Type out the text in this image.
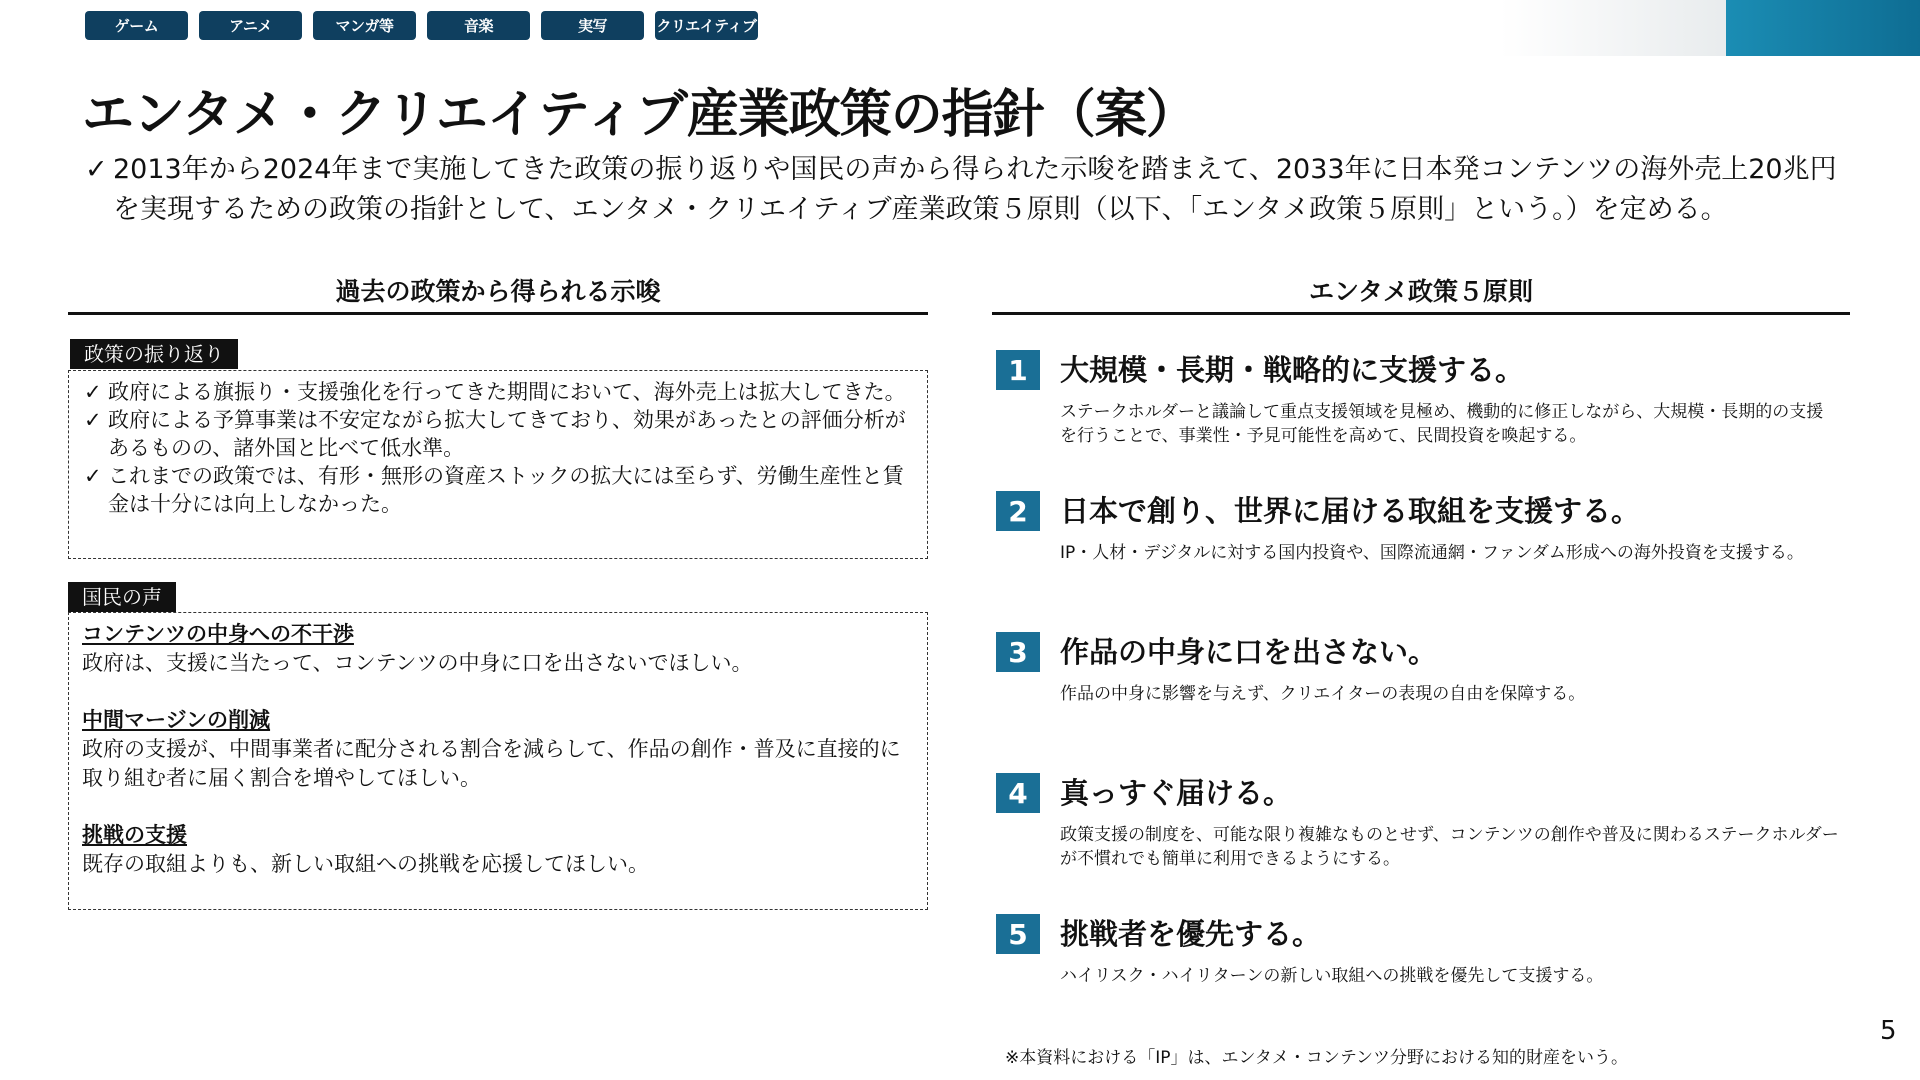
ゲーム	アニメ	マンガ等	音楽	実写	クリエイティブ
エンタメ・クリエイティブ産業政策の指針（案）
✓ 2013年から2024年まで実施してきた政策の振り返りや国民の声から得られた示唆を踏まえて、2033年に日本発コンテンツの海外売上20兆円を実現するための政策の指針として、エンタメ・クリエイティブ産業政策５原則（以下、「エンタメ政策５原則」という。）を定める。
過去の政策から得られる示唆	エンタメ政策５原則
政策の振り返り
✓ 政府による旗振り・支援強化を行ってきた期間において、海外売上は拡大してきた。
✓ 政府による予算事業は不安定ながら拡大してきており、効果があったとの評価分析があるものの、諸外国と比べて低水準。
✓ これまでの政策では、有形・無形の資産ストックの拡大には至らず、労働生産性と賃金は十分には向上しなかった。
国民の声
コンテンツの中身への不干渉
政府は、支援に当たって、コンテンツの中身に口を出さないでほしい。
中間マージンの削減
政府の支援が、中間事業者に配分される割合を減らして、作品の創作・普及に直接的に取り組む者に届く割合を増やしてほしい。
挑戦の支援
既存の取組よりも、新しい取組への挑戦を応援してほしい。
1	大規模・長期・戦略的に支援する。
ステークホルダーと議論して重点支援領域を見極め、機動的に修正しながら、大規模・長期的の支援を行うことで、事業性・予見可能性を高めて、民間投資を喚起する。
2	日本で創り、世界に届ける取組を支援する。
IP・人材・デジタルに対する国内投資や、国際流通網・ファンダム形成への海外投資を支援する。
3	作品の中身に口を出さない。
作品の中身に影響を与えず、クリエイターの表現の自由を保障する。
4	真っすぐ届ける。
政策支援の制度を、可能な限り複雑なものとせず、コンテンツの創作や普及に関わるステークホルダーが不慣れでも簡単に利用できるようにする。
5	挑戦者を優先する。
ハイリスク・ハイリターンの新しい取組への挑戦を優先して支援する。
5
※本資料における「IP」は、エンタメ・コンテンツ分野における知的財産をいう。
